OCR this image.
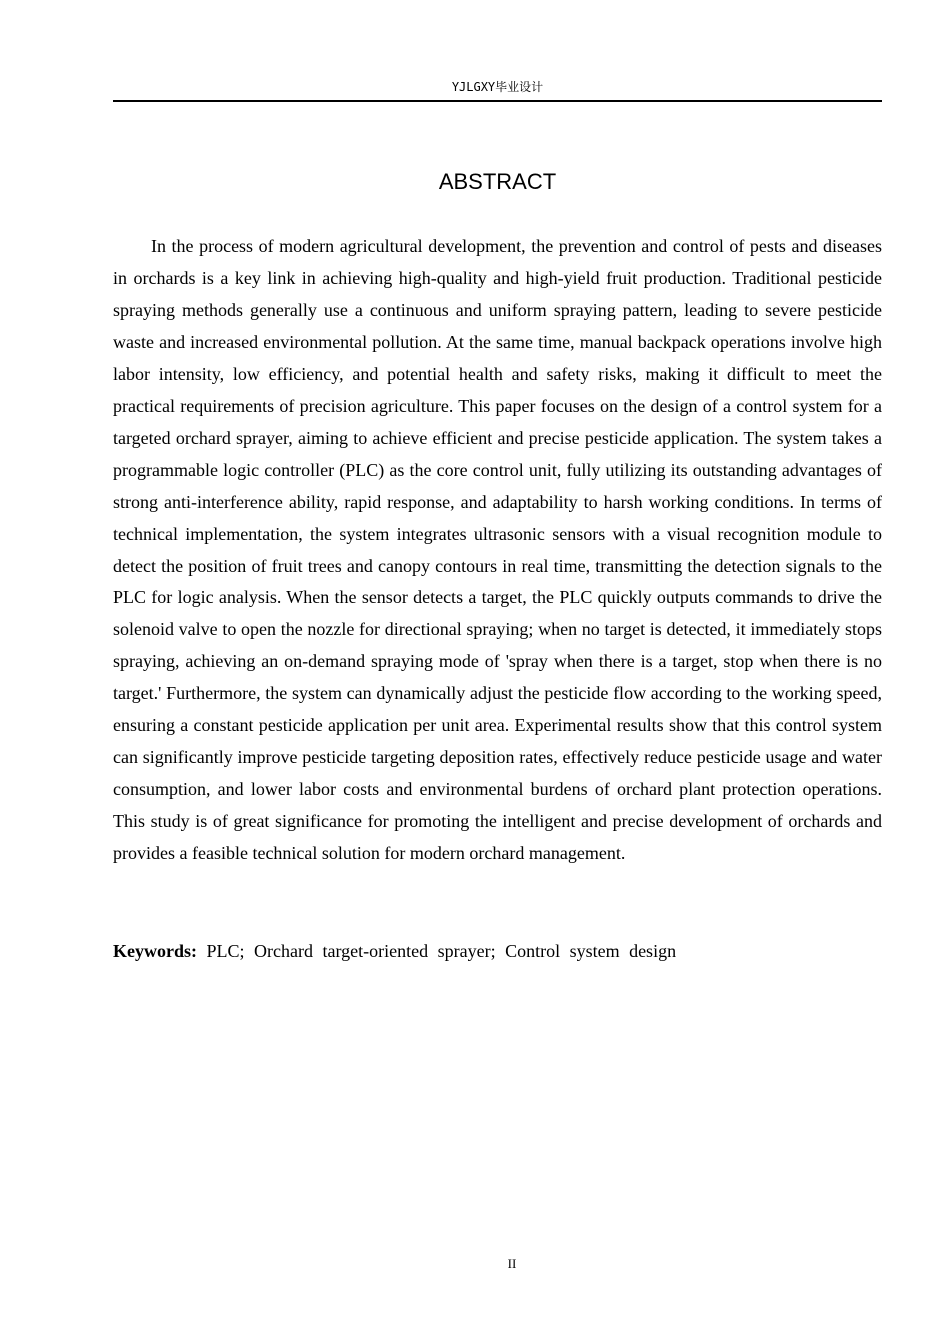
YJLGXY毕业设计
ABSTRACT

In the process of modern agricultural development, the prevention and control of pests and diseases in orchards is a key link in achieving high-quality and high-yield fruit production. Traditional pesticide spraying methods generally use a continuous and uniform spraying pattern, leading to severe pesticide waste and increased environmental pollution. At the same time, manual backpack operations involve high labor intensity, low efficiency, and potential health and safety risks, making it difficult to meet the practical requirements of precision agriculture. This paper focuses on the design of a control system for a targeted orchard sprayer, aiming to achieve efficient and precise pesticide application. The system takes a programmable logic controller (PLC) as the core control unit, fully utilizing its outstanding advantages of strong anti-interference ability, rapid response, and adaptability to harsh working conditions. In terms of technical implementation, the system integrates ultrasonic sensors with a visual recognition module to detect the position of fruit trees and canopy contours in real time, transmitting the detection signals to the PLC for logic analysis. When the sensor detects a target, the PLC quickly outputs commands to drive the solenoid valve to open the nozzle for directional spraying; when no target is detected, it immediately stops spraying, achieving an on-demand spraying mode of 'spray when there is a target, stop when there is no target.' Furthermore, the system can dynamically adjust the pesticide flow according to the working speed, ensuring a constant pesticide application per unit area. Experimental results show that this control system can significantly improve pesticide targeting deposition rates, effectively reduce pesticide usage and water consumption, and lower labor costs and environmental burdens of orchard plant protection operations. This study is of great significance for promoting the intelligent and precise development of orchards and provides a feasible technical solution for modern orchard management.

Keywords: PLC; Orchard target-oriented sprayer; Control system design
II
